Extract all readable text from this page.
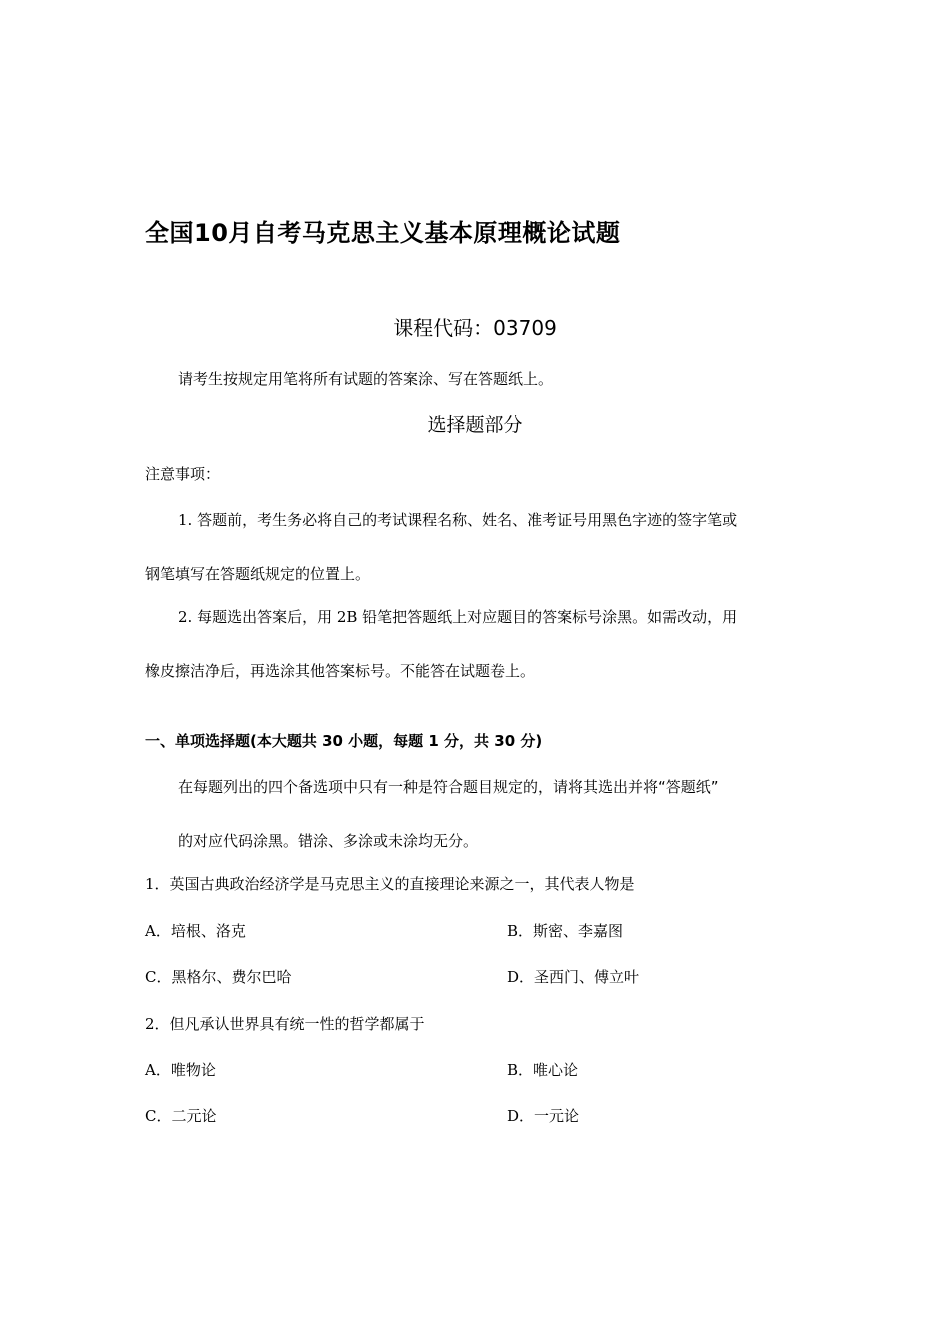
全国10月自考马克思主义基本原理概论试题
课程代码：03709
请考生按规定用笔将所有试题的答案涂、写在答题纸上。
选择题部分
注意事项：
1. 答题前，考生务必将自己的考试课程名称、姓名、准考证号用黑色字迹的签字笔或
钢笔填写在答题纸规定的位置上。
2. 每题选出答案后，用 2B 铅笔把答题纸上对应题目的答案标号涂黑。如需改动，用
橡皮擦洁净后，再选涂其他答案标号。不能答在试题卷上。
一、单项选择题(本大题共 30 小题，每题 1 分，共 30 分)
在每题列出的四个备选项中只有一种是符合题目规定的，请将其选出并将“答题纸”
的对应代码涂黑。错涂、多涂或未涂均无分。
1．英国古典政治经济学是马克思主义的直接理论来源之一，其代表人物是
A．培根、洛克	B．斯密、李嘉图
C．黑格尔、费尔巴哈	D．圣西门、傅立叶
2．但凡承认世界具有统一性的哲学都属于
A．唯物论	B．唯心论
C．二元论	D．一元论
